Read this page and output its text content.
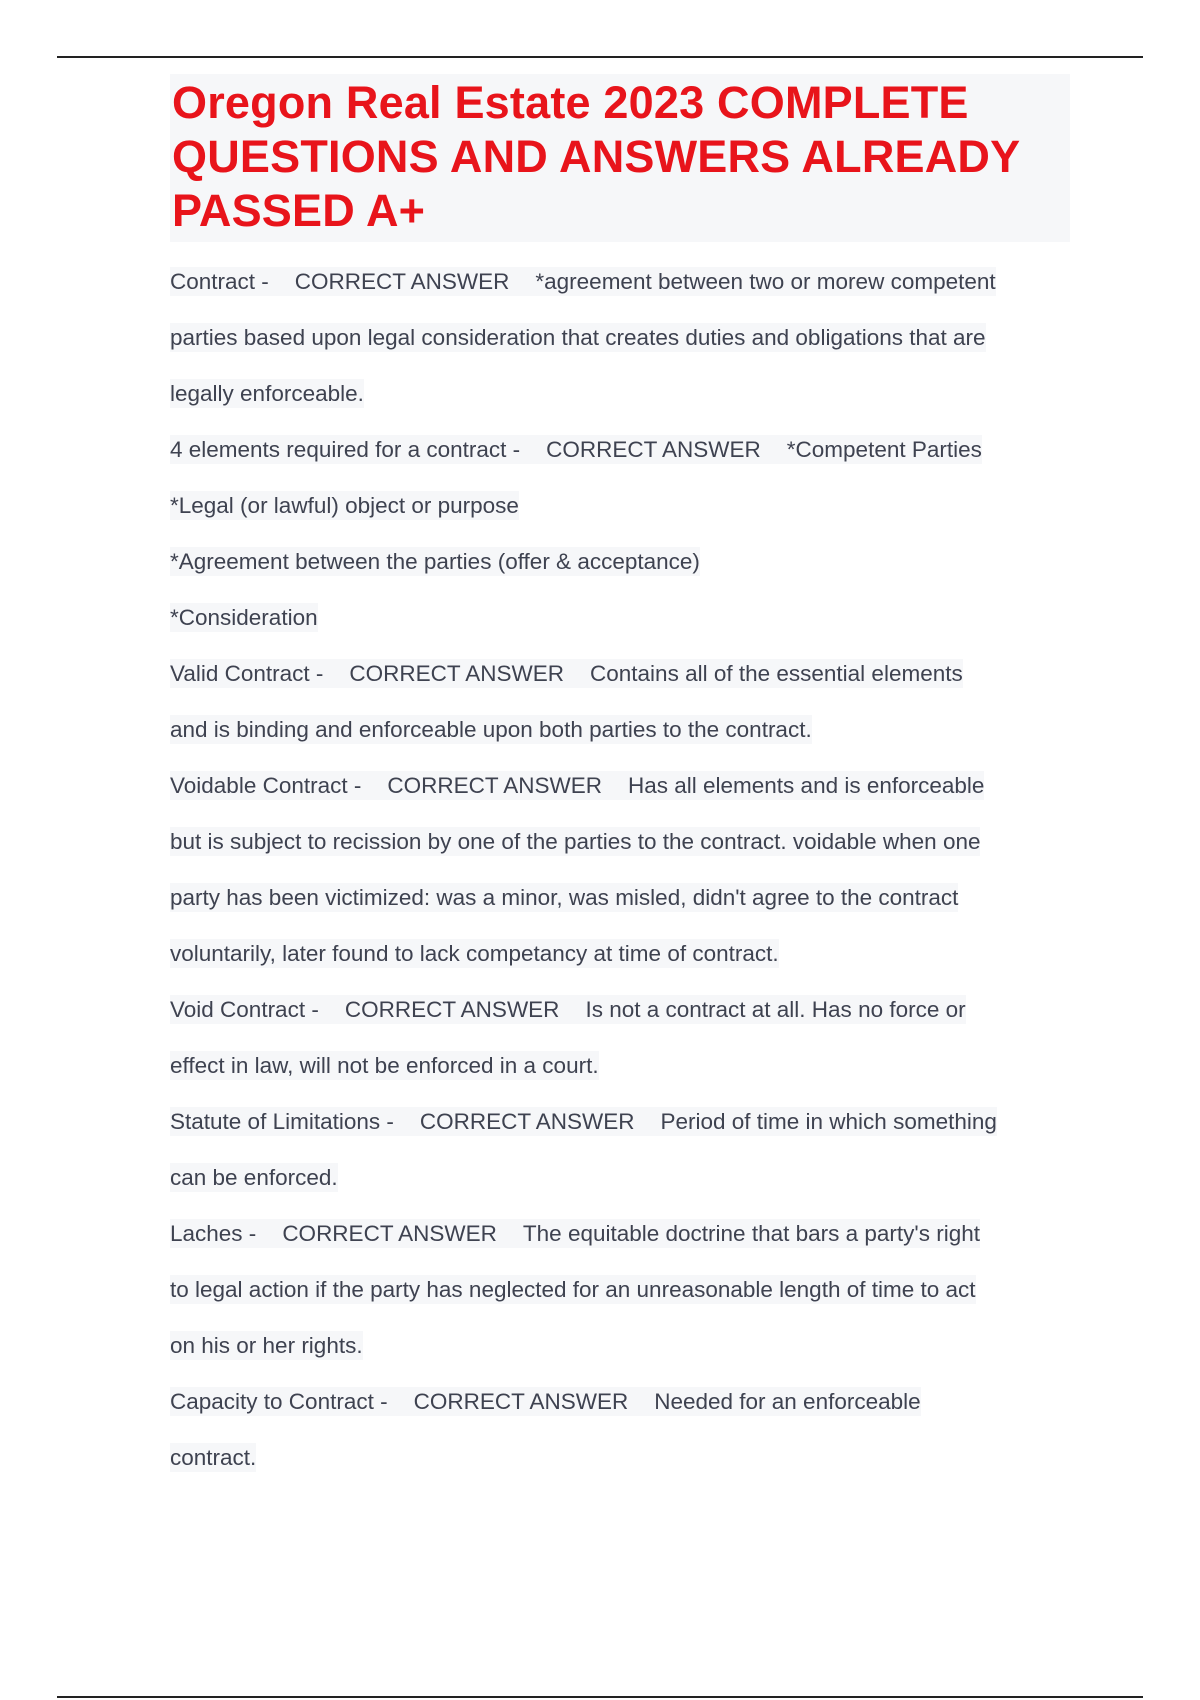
Oregon Real Estate 2023 COMPLETE QUESTIONS AND ANSWERS ALREADY PASSED A+
Contract - CORRECT ANSWER *agreement between two or morew competent
parties based upon legal consideration that creates duties and obligations that are
legally enforceable.
4 elements required for a contract - CORRECT ANSWER *Competent Parties
*Legal (or lawful) object or purpose
*Agreement between the parties (offer & acceptance)
*Consideration
Valid Contract - CORRECT ANSWER Contains all of the essential elements
and is binding and enforceable upon both parties to the contract.
Voidable Contract - CORRECT ANSWER Has all elements and is enforceable
but is subject to recission by one of the parties to the contract. voidable when one
party has been victimized: was a minor, was misled, didn't agree to the contract
voluntarily, later found to lack competancy at time of contract.
Void Contract - CORRECT ANSWER Is not a contract at all. Has no force or
effect in law, will not be enforced in a court.
Statute of Limitations - CORRECT ANSWER Period of time in which something
can be enforced.
Laches - CORRECT ANSWER The equitable doctrine that bars a party's right
to legal action if the party has neglected for an unreasonable length of time to act
on his or her rights.
Capacity to Contract - CORRECT ANSWER Needed for an enforceable
contract.
